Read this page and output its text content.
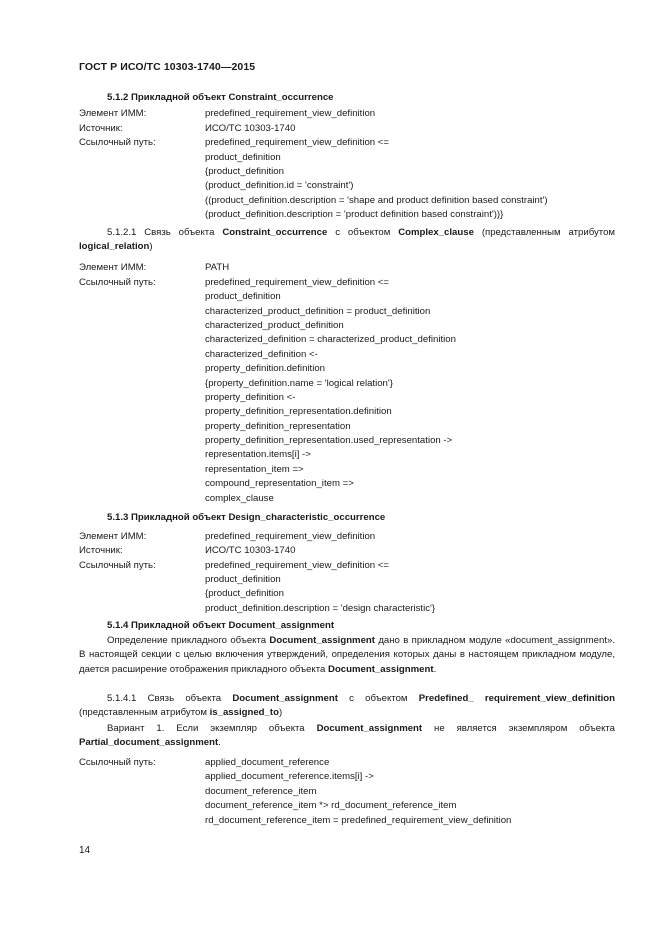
ГОСТ Р ИСО/ТС 10303-1740—2015
5.1.2 Прикладной объект Constraint_occurrence
Элемент ИММ:	predefined_requirement_view_definition
Источник:	ИСО/ТС 10303-1740
Ссылочный путь:	predefined_requirement_view_definition <=
product_definition
{product_definition
(product_definition.id = 'constraint')
((product_definition.description = 'shape and product definition based constraint')
(product_definition.description = 'product definition based constraint'))}
5.1.2.1 Связь объекта Constraint_occurrence с объектом Complex_clause (представленным атрибутом logical_relation)
Элемент ИММ:	PATH
Ссылочный путь:	predefined_requirement_view_definition <=
product_definition
characterized_product_definition = product_definition
characterized_product_definition
characterized_definition = characterized_product_definition
characterized_definition <-
property_definition.definition
{property_definition.name = 'logical relation'}
property_definition <-
property_definition_representation.definition
property_definition_representation
property_definition_representation.used_representation ->
representation.items[i] ->
representation_item =>
compound_representation_item =>
complex_clause
5.1.3 Прикладной объект Design_characteristic_occurrence
Элемент ИММ:	predefined_requirement_view_definition
Источник:	ИСО/ТС 10303-1740
Ссылочный путь:	predefined_requirement_view_definition <=
product_definition
{product_definition
product_definition.description = 'design characteristic'}
5.1.4 Прикладной объект Document_assignment
Определение прикладного объекта Document_assignment дано в прикладном модуле «document_assignment». В настоящей секции с целью включения утверждений, определения которых даны в настоящем прикладном модуле, дается расширение отображения прикладного объекта Document_assignment.
5.1.4.1 Связь объекта Document_assignment с объектом Predefined_ requirement_view_definition (представленным атрибутом is_assigned_to)
Вариант 1. Если экземпляр объекта Document_assignment не является экземпляром объекта Partial_document_assignment.
Ссылочный путь:	applied_document_reference
applied_document_reference.items[i] ->
document_reference_item
document_reference_item *> rd_document_reference_item
rd_document_reference_item = predefined_requirement_view_definition
14
